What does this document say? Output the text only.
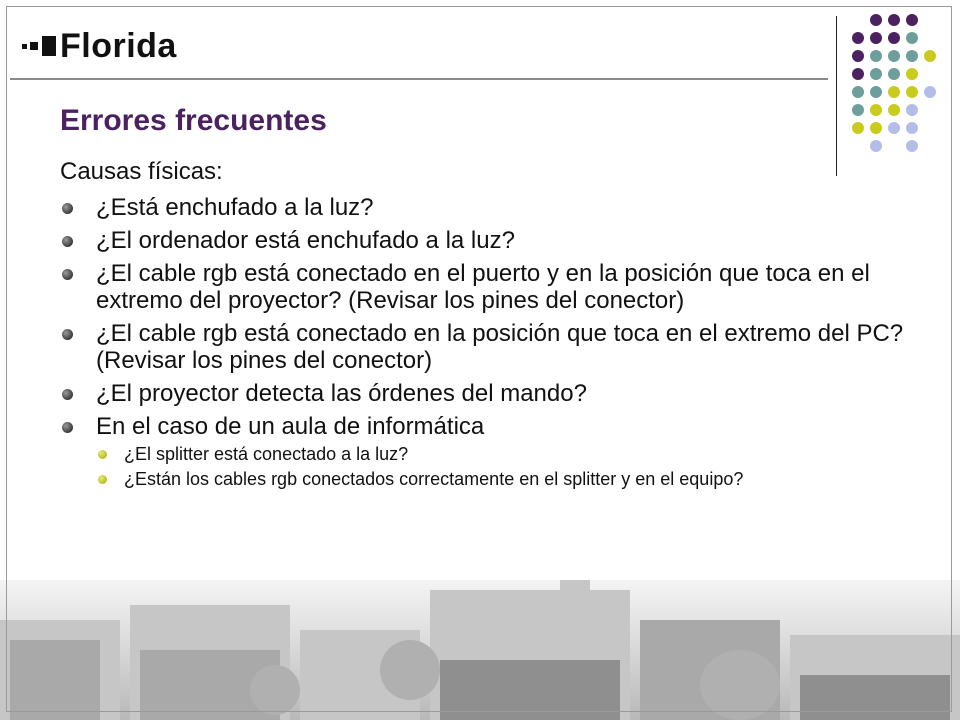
Florida
Errores frecuentes

Causas físicas:

¿Está enchufado a la luz?
¿El ordenador está enchufado a la luz?
¿El cable rgb está conectado en el puerto y en la posición que toca en el extremo del proyector? (Revisar los pines del conector)
¿El cable rgb está conectado en la posición que toca en el extremo del PC? (Revisar los pines del conector)
¿El proyector detecta las órdenes del mando?
En el caso de un aula de informática
¿El splitter está conectado a la luz?
¿Están los cables rgb conectados correctamente en el splitter y en el equipo?
